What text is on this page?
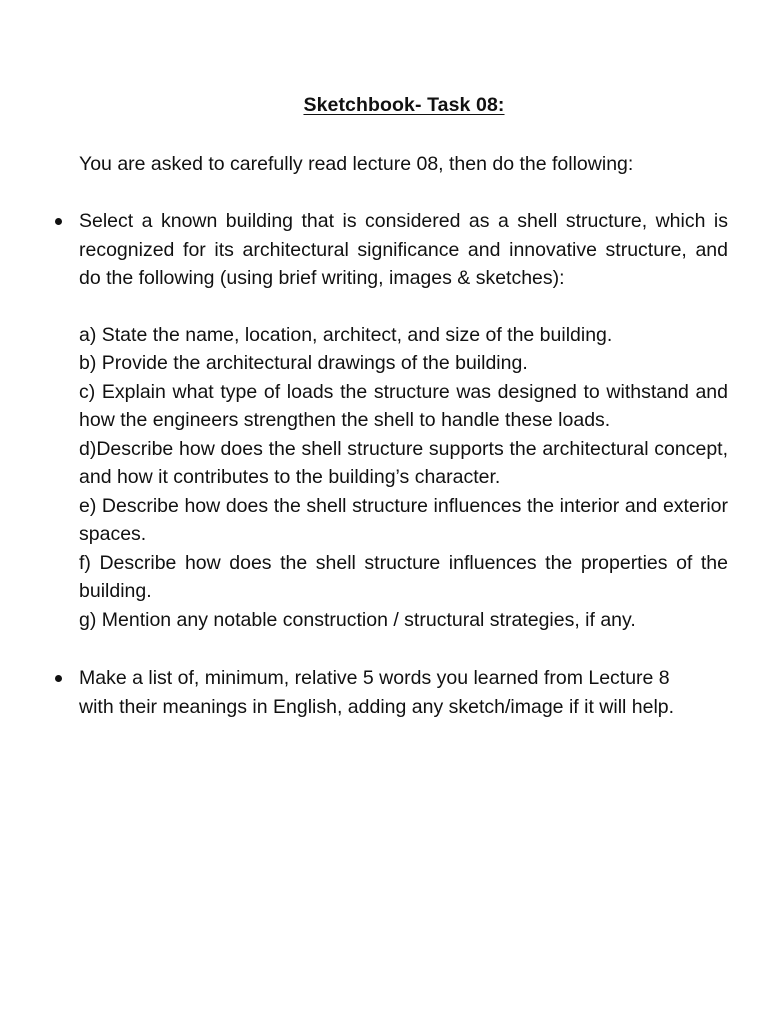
Sketchbook- Task 08:
You are asked to carefully read lecture 08, then do the following:
Select a known building that is considered as a shell structure, which is recognized for its architectural significance and innovative structure, and do the following (using brief writing, images & sketches):
a) State the name, location, architect, and size of the building.
b) Provide the architectural drawings of the building.
c) Explain what type of loads the structure was designed to withstand and how the engineers strengthen the shell to handle these loads.
d)Describe how does the shell structure supports the architectural concept, and how it contributes to the building’s character.
e) Describe how does the shell structure influences the interior and exterior spaces.
f) Describe how does the shell structure influences the properties of the building.
g) Mention any notable construction / structural strategies, if any.
Make a list of, minimum, relative 5 words you learned from Lecture 8 with their meanings in English, adding any sketch/image if it will help.
